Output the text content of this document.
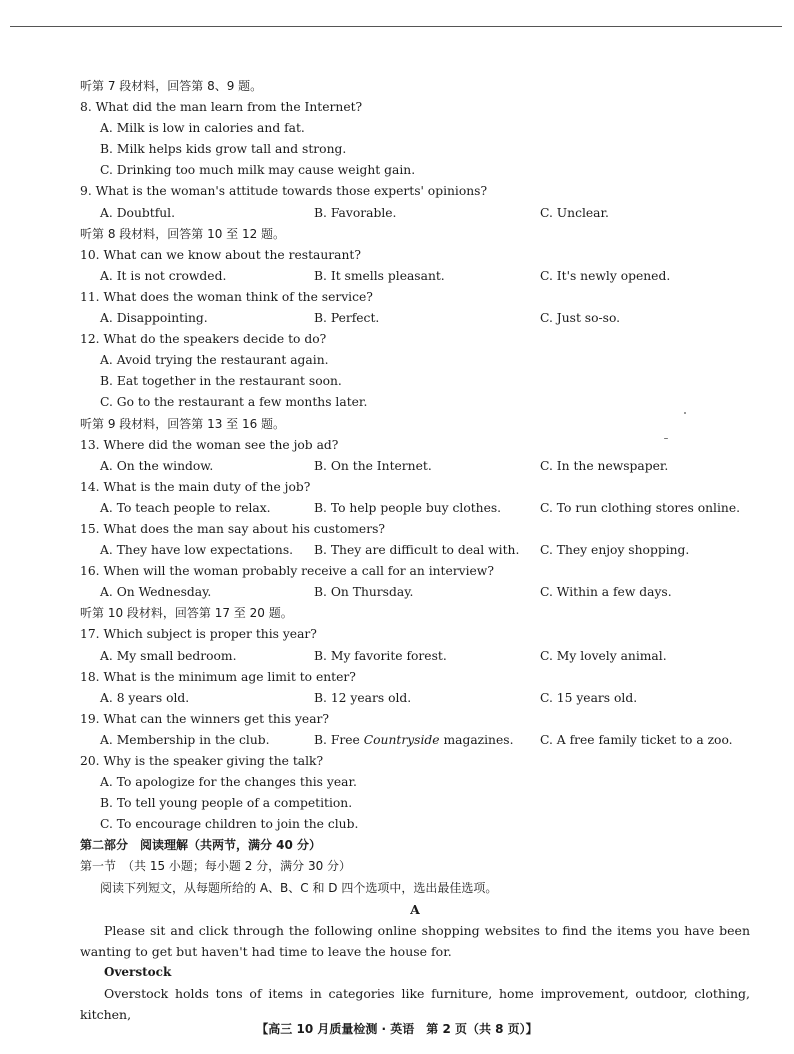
听第 7 段材料，回答第 8、9 题。
8. What did the man learn from the Internet?
A. Milk is low in calories and fat.
B. Milk helps kids grow tall and strong.
C. Drinking too much milk may cause weight gain.
9. What is the woman's attitude towards those experts' opinions?
A. Doubtful.	B. Favorable.	C. Unclear.
听第 8 段材料，回答第 10 至 12 题。
10. What can we know about the restaurant?
A. It is not crowded.	B. It smells pleasant.	C. It's newly opened.
11. What does the woman think of the service?
A. Disappointing.	B. Perfect.	C. Just so-so.
12. What do the speakers decide to do?
A. Avoid trying the restaurant again.
B. Eat together in the restaurant soon.
C. Go to the restaurant a few months later.
听第 9 段材料，回答第 13 至 16 题。
13. Where did the woman see the job ad?
A. On the window.	B. On the Internet.	C. In the newspaper.
14. What is the main duty of the job?
A. To teach people to relax.	B. To help people buy clothes.	C. To run clothing stores online.
15. What does the man say about his customers?
A. They have low expectations. B. They are difficult to deal with. C. They enjoy shopping.
16. When will the woman probably receive a call for an interview?
A. On Wednesday.	B. On Thursday.	C. Within a few days.
听第 10 段材料，回答第 17 至 20 题。
17. Which subject is proper this year?
A. My small bedroom.	B. My favorite forest.	C. My lovely animal.
18. What is the minimum age limit to enter?
A. 8 years old.	B. 12 years old.	C. 15 years old.
19. What can the winners get this year?
A. Membership in the club.	B. Free Countryside magazines. C. A free family ticket to a zoo.
20. Why is the speaker giving the talk?
A. To apologize for the changes this year.
B. To tell young people of a competition.
C. To encourage children to join the club.
第二部分　阅读理解（共两节，满分 40 分）
第一节　（共 15 小题；每小题 2 分，满分 30 分）
阅读下列短文，从每题所给的 A、B、C 和 D 四个选项中，选出最佳选项。
A

Please sit and click through the following online shopping websites to find the items you have been wanting to get but haven't had time to leave the house for.

Overstock

Overstock holds tons of items in categories like furniture, home improvement, outdoor, clothing, kitchen,

【高三 10 月质量检测 · 英语　第 2 页（共 8 页）】
